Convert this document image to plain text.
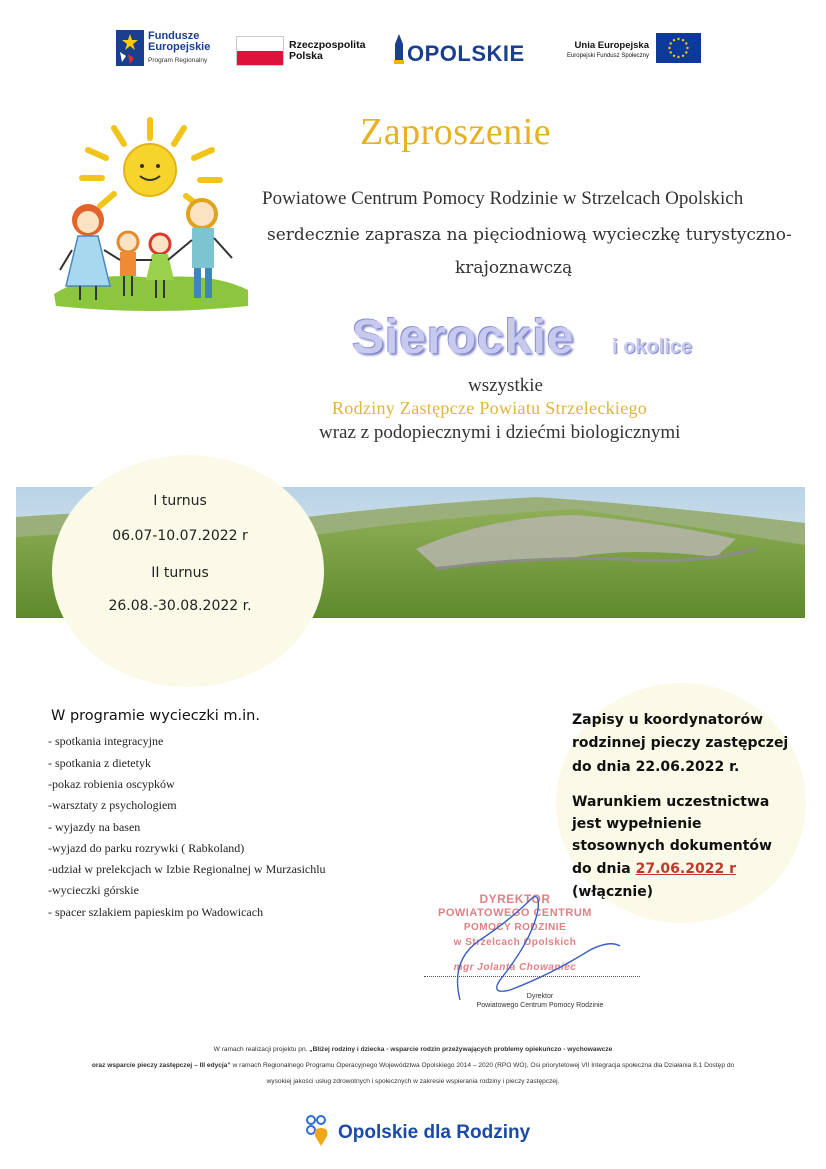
Fundusze
Europejskie
Program Regionalny
Rzeczpospolita
Polska	OPOLSKIE	Unia Europejska
Europejski Fundusz Społeczny
Zaproszenie
Powiatowe Centrum Pomocy Rodzinie w Strzelcach Opolskich
serdecznie zaprasza na pięciodniową wycieczkę turystyczno-
krajoznawczą
Sierockie i okolice
wszystkie
Rodziny Zastępcze Powiatu Strzeleckiego
wraz z podopiecznymi i dziećmi biologicznymi
I turnus
06.07-10.07.2022 r
II turnus
26.08.-30.08.2022 r.
W programie wycieczki m.in.
- spotkania integracyjne
- spotkania z dietetyk
-pokaz robienia oscypków
-warsztaty z psychologiem
- wyjazdy na basen
-wyjazd do parku rozrywki ( Rabkoland)
-udział w prelekcjach w Izbie Regionalnej w Murzasichlu
-wycieczki górskie
- spacer szlakiem papieskim po Wadowicach
Zapisy u koordynatorów
rodzinnej pieczy zastępczej
do dnia 22.06.2022 r.
Warunkiem uczestnictwa
jest wypełnienie
stosownych dokumentów
do dnia 27.06.2022 r
(włącznie)
DYREKTOR
POWIATOWEGO CENTRUM
POMOCY RODZINIE
w Strzelcach Opolskich
mgr Jolanta Chowaniec
Dyrektor
Powiatowego Centrum Pomocy Rodzinie
W ramach realizacji projektu pn. „Bliżej rodziny i dziecka - wsparcie rodzin przeżywających problemy opiekuńczo - wychowawcze
oraz wsparcie pieczy zastępczej – III edycja” w ramach Regionalnego Programu Operacyjnego Województwa Opolskiego 2014 – 2020 (RPO WO), Osi priorytetowej VII Integracja społeczna dla Działania 8.1 Dostęp do
wysokiej jakości usług zdrowotnych i społecznych w zakresie wspierania rodziny i pieczy zastępczej.
Opolskie dla Rodziny
